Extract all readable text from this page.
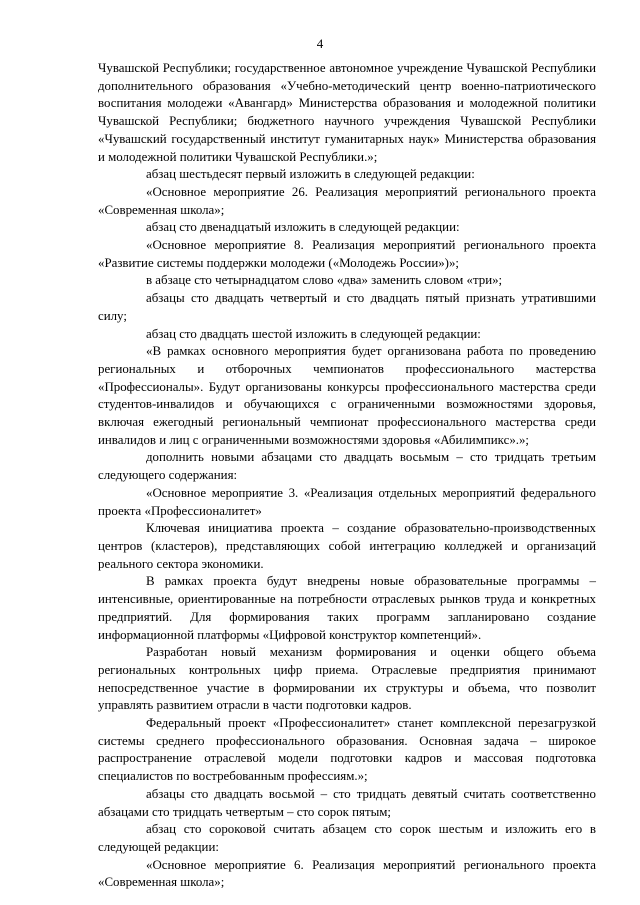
4

Чувашской Республики; государственное автономное учреждение Чувашской Республики дополнительного образования «Учебно-методический центр военно-патриотического воспитания молодежи «Авангард» Министерства образования и молодежной политики Чувашской Республики; бюджетного научного учреждения Чувашской Республики «Чувашский государственный институт гуманитарных наук» Министерства образования и молодежной политики Чувашской Республики.»;

абзац шестьдесят первый изложить в следующей редакции:

«Основное мероприятие 26. Реализация мероприятий регионального проекта «Современная школа»;

абзац сто двенадцатый изложить в следующей редакции:

«Основное мероприятие 8. Реализация мероприятий регионального проекта «Развитие системы поддержки молодежи («Молодежь России»)»;

в абзаце сто четырнадцатом слово «два» заменить словом «три»;

абзацы сто двадцать четвертый и сто двадцать пятый признать утратившими силу;

абзац сто двадцать шестой изложить в следующей редакции:

«В рамках основного мероприятия будет организована работа по проведению региональных и отборочных чемпионатов профессионального мастерства «Профессионалы». Будут организованы конкурсы профессионального мастерства среди студентов-инвалидов и обучающихся с ограниченными возможностями здоровья, включая ежегодный региональный чемпионат профессионального мастерства среди инвалидов и лиц с ограниченными возможностями здоровья «Абилимпикс».»;

дополнить новыми абзацами сто двадцать восьмым – сто тридцать третьим следующего содержания:

«Основное мероприятие 3. «Реализация отдельных мероприятий федерального проекта «Профессионалитет»

Ключевая инициатива проекта – создание образовательно-производственных центров (кластеров), представляющих собой интеграцию колледжей и организаций реального сектора экономики.

В рамках проекта будут внедрены новые образовательные программы – интенсивные, ориентированные на потребности отраслевых рынков труда и конкретных предприятий. Для формирования таких программ запланировано создание информационной платформы «Цифровой конструктор компетенций».

Разработан новый механизм формирования и оценки общего объема региональных контрольных цифр приема. Отраслевые предприятия принимают непосредственное участие в формировании их структуры и объема, что позволит управлять развитием отрасли в части подготовки кадров.

Федеральный проект «Профессионалитет» станет комплексной перезагрузкой системы среднего профессионального образования. Основная задача – широкое распространение отраслевой модели подготовки кадров и массовая подготовка специалистов по востребованным профессиям.»;

абзацы сто двадцать восьмой – сто тридцать девятый считать соответственно абзацами сто тридцать четвертым – сто сорок пятым;

абзац сто сороковой считать абзацем сто сорок шестым и изложить его в следующей редакции:

«Основное мероприятие 6. Реализация мероприятий регионального проекта «Современная школа»;
